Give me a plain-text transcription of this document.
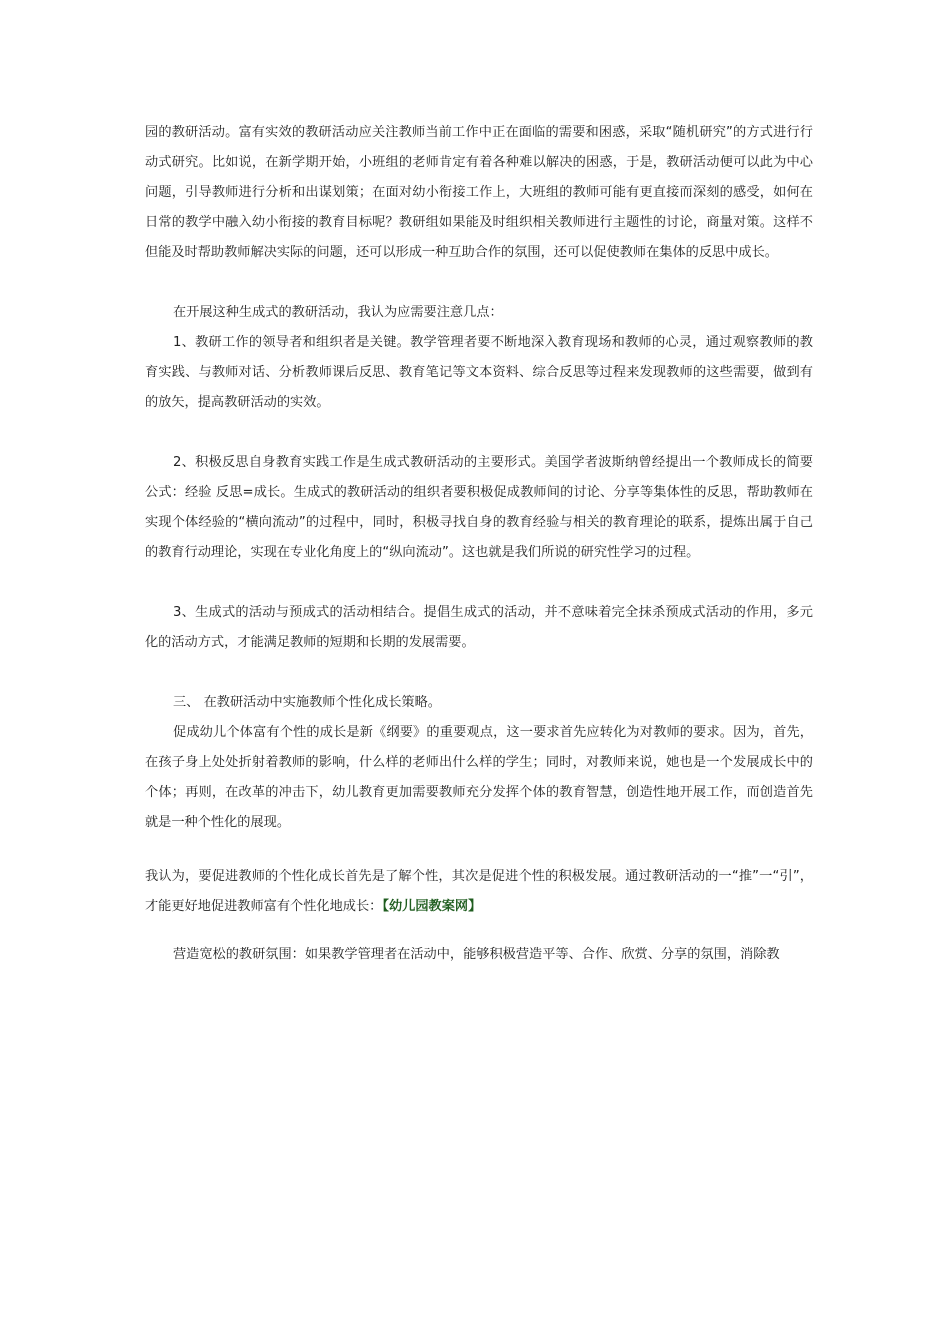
园的教研活动。富有实效的教研活动应关注教师当前工作中正在面临的需要和困惑，采取“随机研究”的方式进行行动式研究。比如说，在新学期开始，小班组的老师肯定有着各种难以解决的困惑，于是，教研活动便可以此为中心问题，引导教师进行分析和出谋划策；在面对幼小衔接工作上，大班组的教师可能有更直接而深刻的感受，如何在日常的教学中融入幼小衔接的教育目标呢？教研组如果能及时组织相关教师进行主题性的讨论，商量对策。这样不但能及时帮助教师解决实际的问题，还可以形成一种互助合作的氛围，还可以促使教师在集体的反思中成长。

在开展这种生成式的教研活动，我认为应需要注意几点：

1、教研工作的领导者和组织者是关键。教学管理者要不断地深入教育现场和教师的心灵，通过观察教师的教育实践、与教师对话、分析教师课后反思、教育笔记等文本资料、综合反思等过程来发现教师的这些需要，做到有的放矢，提高教研活动的实效。

2、积极反思自身教育实践工作是生成式教研活动的主要形式。美国学者波斯纳曾经提出一个教师成长的简要公式：经验 反思=成长。生成式的教研活动的组织者要积极促成教师间的讨论、分享等集体性的反思，帮助教师在实现个体经验的“横向流动”的过程中，同时，积极寻找自身的教育经验与相关的教育理论的联系，提炼出属于自己的教育行动理论，实现在专业化角度上的“纵向流动”。这也就是我们所说的研究性学习的过程。

3、生成式的活动与预成式的活动相结合。提倡生成式的活动，并不意味着完全抹杀预成式活动的作用，多元化的活动方式，才能满足教师的短期和长期的发展需要。

三、 在教研活动中实施教师个性化成长策略。

促成幼儿个体富有个性的成长是新《纲要》的重要观点，这一要求首先应转化为对教师的要求。因为，首先，在孩子身上处处折射着教师的影响，什么样的老师出什么样的学生；同时，对教师来说，她也是一个发展成长中的个体；再则，在改革的冲击下，幼儿教育更加需要教师充分发挥个体的教育智慧，创造性地开展工作，而创造首先就是一种个性化的展现。

我认为，要促进教师的个性化成长首先是了解个性，其次是促进个性的积极发展。通过教研活动的一“推”一“引”，才能更好地促进教师富有个性化地成长：【幼儿园教案网】

营造宽松的教研氛围：如果教学管理者在活动中，能够积极营造平等、合作、欣赏、分享的氛围，消除教
